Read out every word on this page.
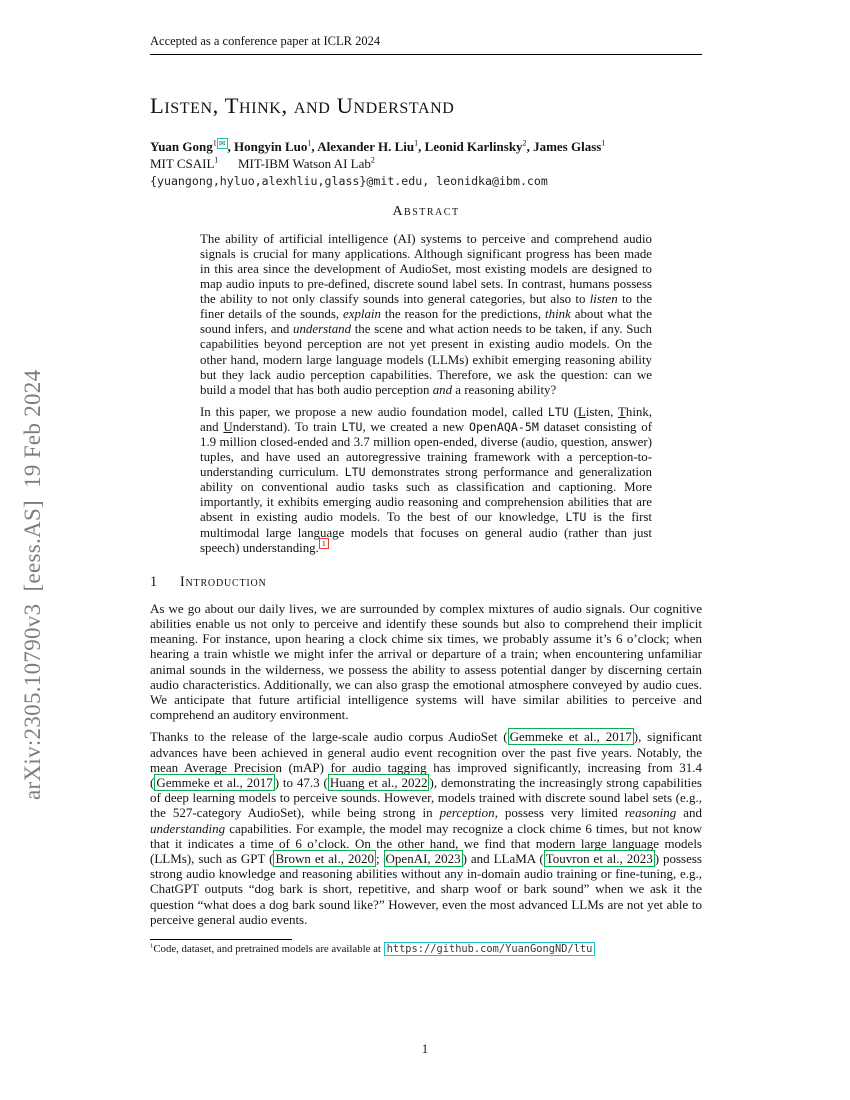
arXiv:2305.10790v3  [eess.AS]  19 Feb 2024
Accepted as a conference paper at ICLR 2024
Listen, Think, and Understand
Yuan Gong$^1$ ✉ , Hongyin Luo$^1$, Alexander H. Liu$^1$, Leonid Karlinsky$^2$, James Glass$^1$
MIT CSAIL$^1$  MIT-IBM Watson AI Lab$^2$
{yuangong,hyluo,alexhliu,glass}@mit.edu, leonidka@ibm.com
Abstract

The ability of artificial intelligence (AI) systems to perceive and comprehend audio signals is crucial for many applications. Although significant progress has been made in this area since the development of AudioSet, most existing models are designed to map audio inputs to pre-defined, discrete sound label sets. In contrast, humans possess the ability to not only classify sounds into general categories, but also to listen to the finer details of the sounds, explain the reason for the predictions, think about what the sound infers, and understand the scene and what action needs to be taken, if any. Such capabilities beyond perception are not yet present in existing audio models. On the other hand, modern large language models (LLMs) exhibit emerging reasoning ability but they lack audio perception capabilities. Therefore, we ask the question: can we build a model that has both audio perception and a reasoning ability?

In this paper, we propose a new audio foundation model, called LTU (Listen, Think, and Understand). To train LTU, we created a new OpenAQA-5M dataset consisting of 1.9 million closed-ended and 3.7 million open-ended, diverse (audio, question, answer) tuples, and have used an autoregressive training framework with a perception-to-understanding curriculum. LTU demonstrates strong performance and generalization ability on conventional audio tasks such as classification and captioning. More importantly, it exhibits emerging audio reasoning and comprehension abilities that are absent in existing audio models. To the best of our knowledge, LTU is the first multimodal large language models that focuses on general audio (rather than just speech) understanding. $^1$

1 Introduction

As we go about our daily lives, we are surrounded by complex mixtures of audio signals. Our cognitive abilities enable us not only to perceive and identify these sounds but also to comprehend their implicit meaning. For instance, upon hearing a clock chime six times, we probably assume it’s 6 o’clock; when hearing a train whistle we might infer the arrival or departure of a train; when encountering unfamiliar animal sounds in the wilderness, we possess the ability to assess potential danger by discerning certain audio characteristics. Additionally, we can also grasp the emotional atmosphere conveyed by audio cues. We anticipate that future artificial intelligence systems will have similar abilities to perceive and comprehend an auditory environment.

Thanks to the release of the large-scale audio corpus AudioSet ( Gemmeke et al., 2017 ), significant advances have been achieved in general audio event recognition over the past five years. Notably, the mean Average Precision (mAP) for audio tagging has improved significantly, increasing from 31.4 ( Gemmeke et al., 2017 ) to 47.3 ( Huang et al., 2022 ), demonstrating the increasingly strong capabilities of deep learning models to perceive sounds. However, models trained with discrete sound label sets (e.g., the 527-category AudioSet), while being strong in perception, possess very limited reasoning and understanding capabilities. For example, the model may recognize a clock chime 6 times, but not know that it indicates a time of 6 o’clock. On the other hand, we find that modern large language models (LLMs), such as GPT ( Brown et al., 2020 ; OpenAI, 2023 ) and LLaMA ( Touvron et al., 2023 ) possess strong audio knowledge and reasoning abilities without any in-domain audio training or fine-tuning, e.g., ChatGPT outputs “dog bark is short, repetitive, and sharp woof or bark sound” when we ask it the question “what does a dog bark sound like?” However, even the most advanced LLMs are not yet able to perceive general audio events.

$^1$Code, dataset, and pretrained models are available at https://github.com/YuanGongND/ltu
1
